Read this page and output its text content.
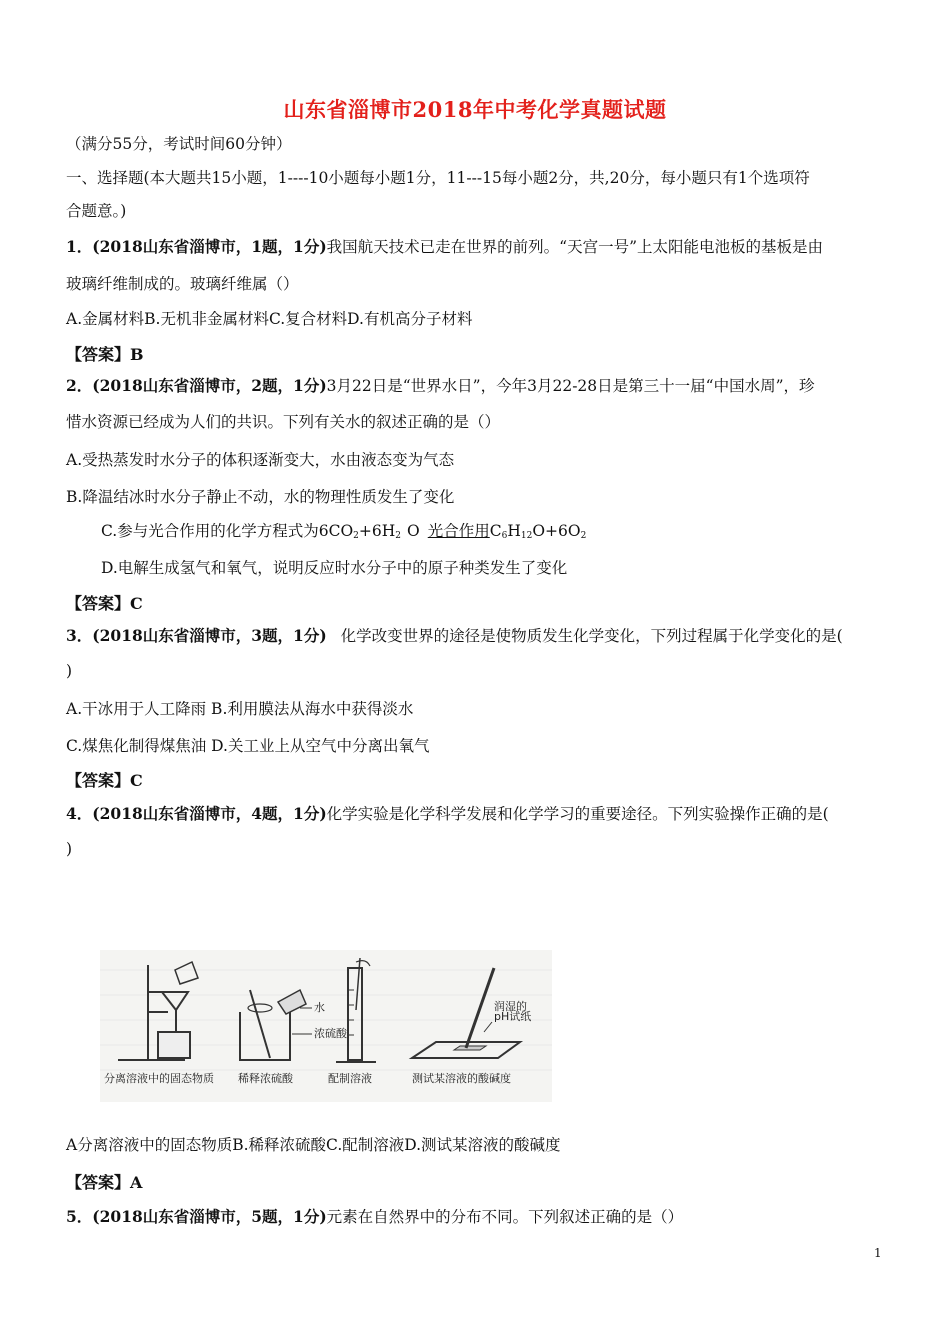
山东省淄博市2018年中考化学真题试题
（满分55分，考试时间60分钟）
一、选择题(本大题共15小题，1----10小题每小题1分，11---15每小题2分，共,20分，每小题只有1个选项符
合题意。)
1．(2018山东省淄博市，1题，1分)我国航天技术已走在世界的前列。“天宫一号”上太阳能电池板的基板是由
玻璃纤维制成的。玻璃纤维属（）
A.金属材料B.无机非金属材料C.复合材料D.有机高分子材料
【答案】B
2．(2018山东省淄博市，2题，1分)3月22日是“世界水日”，今年3月22-28日是第三十一届“中国水周”，珍
惜水资源已经成为人们的共识。下列有关水的叙述正确的是（）
A.受热蒸发时水分子的体积逐渐变大，水由液态变为气态
B.降温结冰时水分子静止不动，水的物理性质发生了变化
C.参与光合作用的化学方程式为$6CO_2+6H_2$ O 光合作用$C_6H_{12}O+6O_2$
D.电解生成氢气和氧气，说明反应时水分子中的原子种类发生了变化
【答案】C
3．(2018山东省淄博市，3题，1分) 化学改变世界的途径是使物质发生化学变化，下列过程属于化学变化的是(
)
A.干冰用于人工降雨 B.利用膜法从海水中获得淡水
C.煤焦化制得煤焦油 D.关工业上从空气中分离出氧气
【答案】C
4．(2018山东省淄博市，4题，1分)化学实验是化学科学发展和化学学习的重要途径。下列实验操作正确的是(
)
水
浓硫酸
润湿的
pH试纸
分离溶液中的固态物质 稀释浓硫酸	配制溶液	测试某溶液的酸碱度
A分离溶液中的固态物质B.稀释浓硫酸C.配制溶液D.测试某溶液的酸碱度
【答案】A
5．(2018山东省淄博市，5题，1分)元素在自然界中的分布不同。下列叙述正确的是（）
1
